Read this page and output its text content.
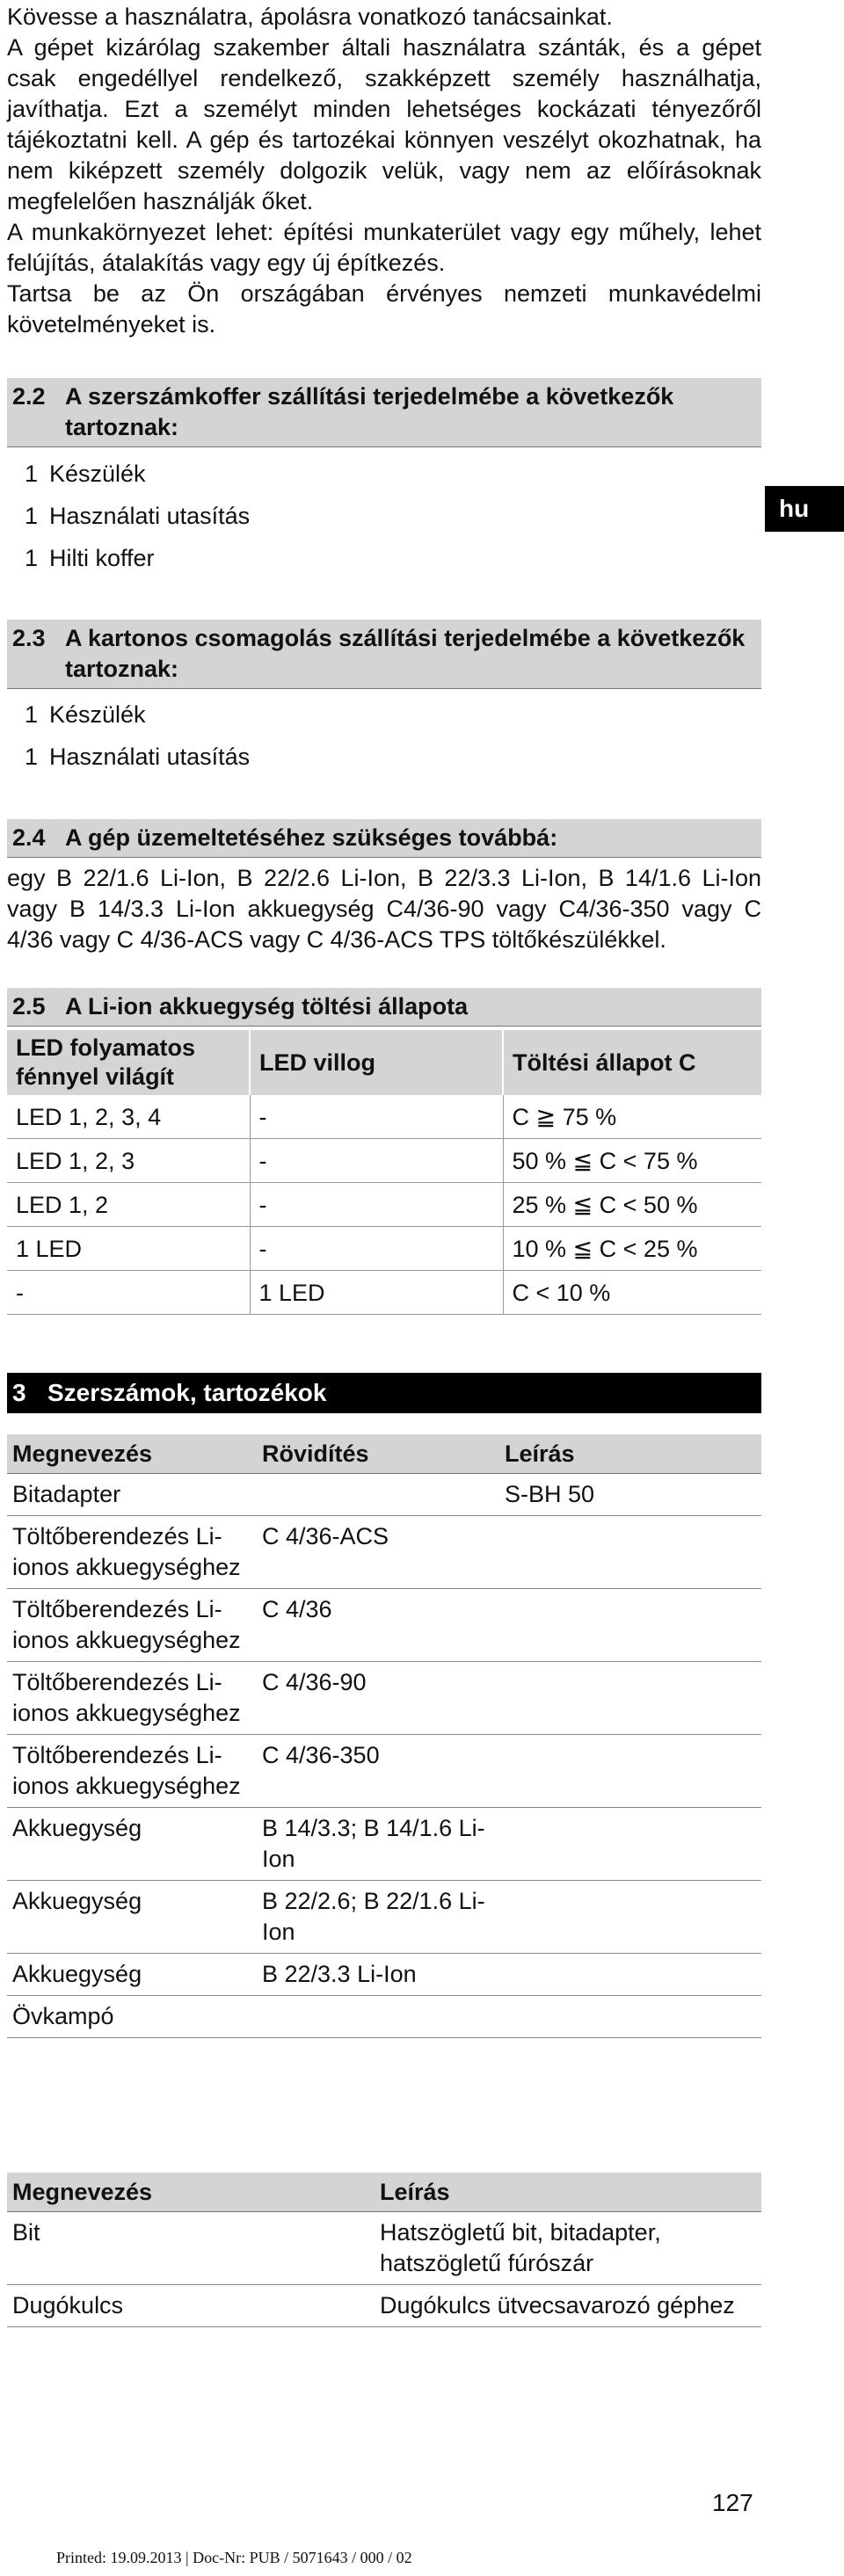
Kövesse a használatra, ápolásra vonatkozó tanácsainkat.

A gépet kizárólag szakember általi használatra szánták, és a gépet csak engedéllyel rendelkező, szakképzett személy használhatja, javíthatja. Ezt a személyt minden lehetséges kockázati tényezőről tájékoztatni kell. A gép és tartozékai könnyen veszélyt okozhatnak, ha nem kiképzett személy dolgozik velük, vagy nem az előírásoknak megfelelően használják őket.

A munkakörnyezet lehet: építési munkaterület vagy egy műhely, lehet felújítás, átalakítás vagy egy új építkezés.

Tartsa be az Ön országában érvényes nemzeti munkavédelmi követelményeket is.

hu
2.2 A szerszámkoffer szállítási terjedelmébe a következők tartoznak:
1 Készülék
1 Használati utasítás
1 Hilti koffer
2.3 A kartonos csomagolás szállítási terjedelmébe a következők tartoznak:
1 Készülék
1 Használati utasítás
2.4 A gép üzemeltetéséhez szükséges továbbá:

egy B 22/1.6 Li-Ion, B 22/2.6 Li-Ion, B 22/3.3 Li-Ion, B 14/1.6 Li-Ion vagy B 14/3.3 Li-Ion akkuegység C4/36-90 vagy C4/36-350 vagy C 4/36 vagy C 4/36-ACS vagy C 4/36-ACS TPS töltőkészülékkel.

2.5 A Li-ion akkuegység töltési állapota
LED folyamatos fénnyel világít	LED villog	Töltési állapot C
LED 1, 2, 3, 4	-	C ≧ 75 %
LED 1, 2, 3	-	50 % ≦ C < 75 %
LED 1, 2	-	25 % ≦ C < 50 %
1 LED	-	10 % ≦ C < 25 %
-	1 LED	C < 10 %
3 Szerszámok, tartozékok
Megnevezés	Rövidítés	Leírás
Bitadapter		S-BH 50
Töltőberendezés Li-ionos akkuegységhez	C 4/36-ACS	
Töltőberendezés Li-ionos akkuegységhez	C 4/36	
Töltőberendezés Li-ionos akkuegységhez	C 4/36-90	
Töltőberendezés Li-ionos akkuegységhez	C 4/36-350	
Akkuegység	B 14/3.3; B 14/1.6 Li-Ion	
Akkuegység	B 22/2.6; B 22/1.6 Li-Ion	
Akkuegység	B 22/3.3 Li-Ion	
Övkampó		
Megnevezés	Leírás
Bit	Hatszögletű bit, bitadapter, hatszögletű fúrószár
Dugókulcs	Dugókulcs ütvecsavarozó géphez
127
Printed: 19.09.2013 | Doc-Nr: PUB / 5071643 / 000 / 02
